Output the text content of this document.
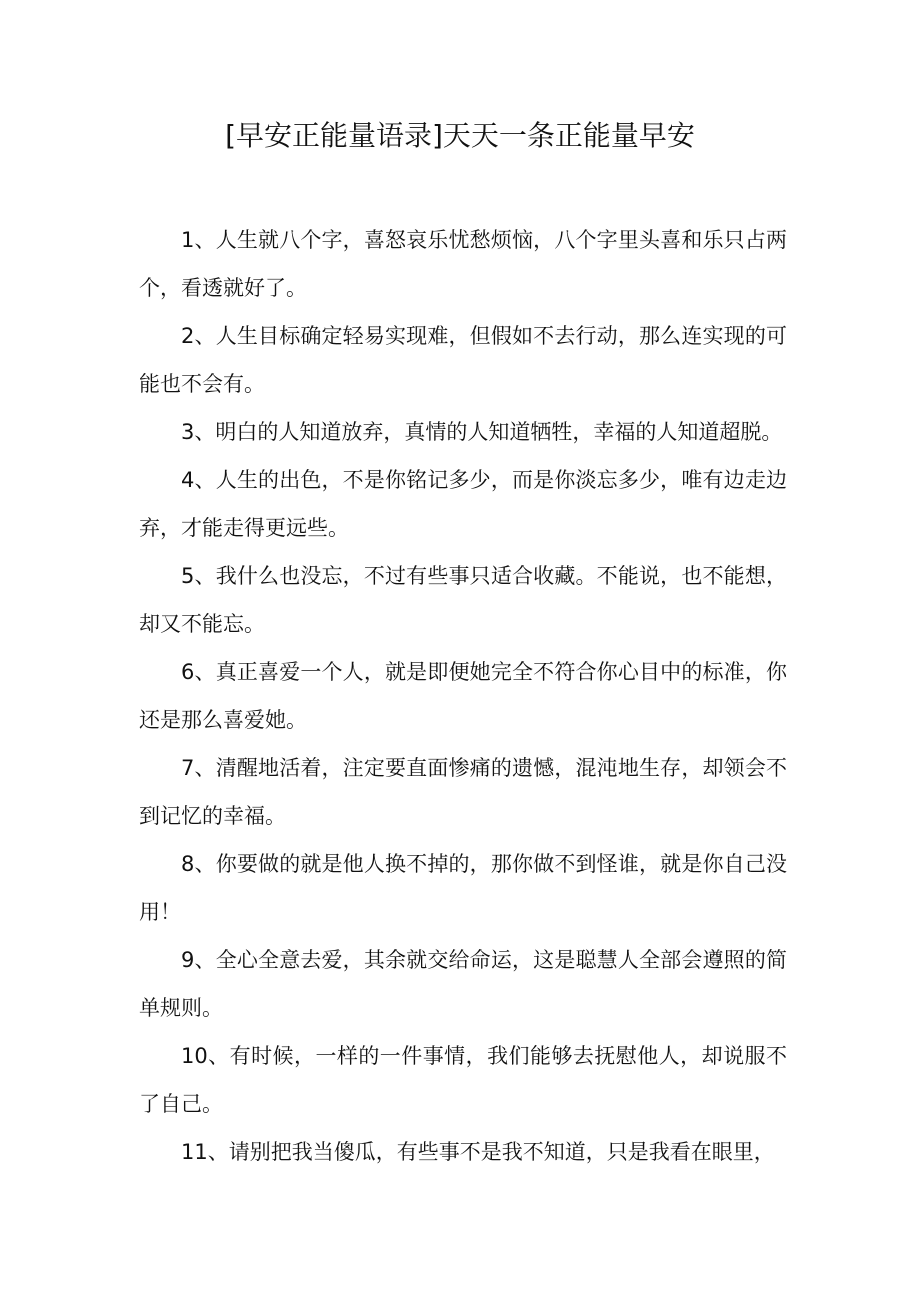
[早安正能量语录]天天一条正能量早安

1、人生就八个字，喜怒哀乐忧愁烦恼，八个字里头喜和乐只占两个，看透就好了。

2、人生目标确定轻易实现难，但假如不去行动，那么连实现的可能也不会有。

3、明白的人知道放弃，真情的人知道牺牲，幸福的人知道超脱。

4、人生的出色，不是你铭记多少，而是你淡忘多少，唯有边走边弃，才能走得更远些。

5、我什么也没忘，不过有些事只适合收藏。不能说，也不能想，却又不能忘。

6、真正喜爱一个人，就是即便她完全不符合你心目中的标准，你还是那么喜爱她。

7、清醒地活着，注定要直面惨痛的遗憾，混沌地生存，却领会不到记忆的幸福。

8、你要做的就是他人换不掉的，那你做不到怪谁，就是你自己没用！

9、全心全意去爱，其余就交给命运，这是聪慧人全部会遵照的简单规则。

10、有时候，一样的一件事情，我们能够去抚慰他人，却说服不了自己。

11、请别把我当傻瓜，有些事不是我不知道，只是我看在眼里，
